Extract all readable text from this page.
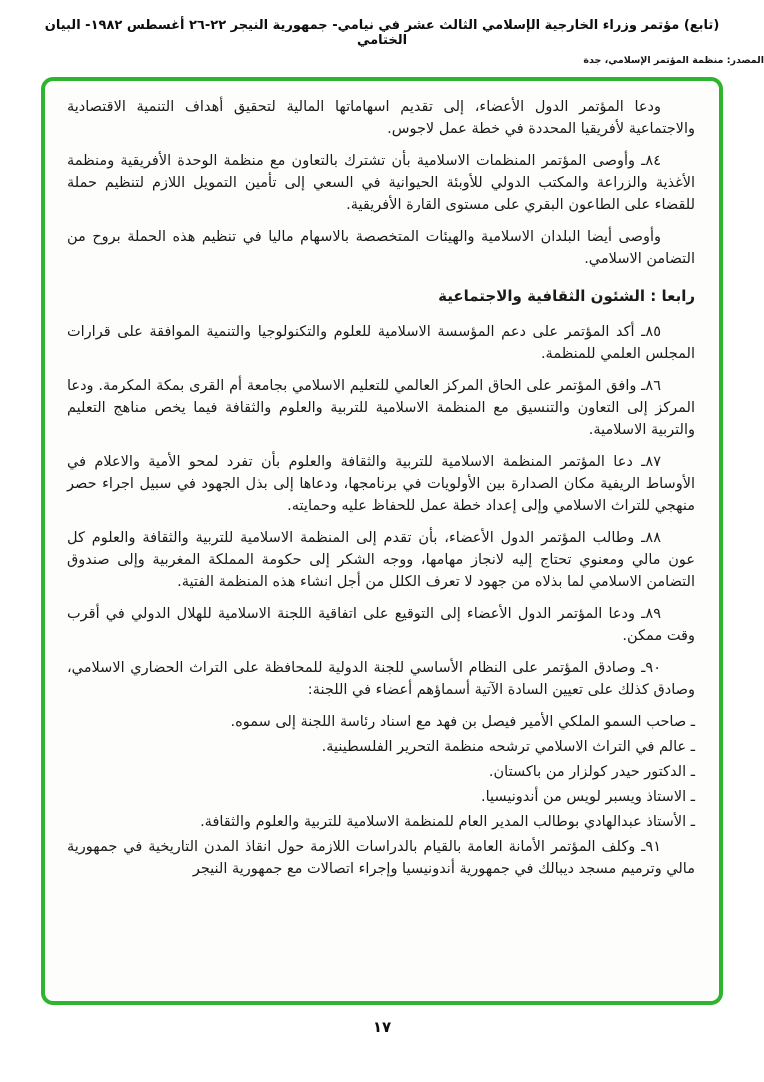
(تابع) مؤتمر وزراء الخارجية الإسلامي الثالث عشر في نيامي- جمهورية النيجر ٢٢-٢٦ أغسطس ١٩٨٢- البيان الختامي
المصدر: منظمة المؤتمر الإسلامي، جدة

ودعا المؤتمر الدول الأعضاء، إلى تقديم اسهاماتها المالية لتحقيق أهداف التنمية الاقتصادية والاجتماعية لأفريقيا المحددة في خطة عمل لاجوس.

٨٤ـ وأوصى المؤتمر المنظمات الاسلامية بأن تشترك بالتعاون مع منظمة الوحدة الأفريقية ومنظمة الأغذية والزراعة والمكتب الدولي للأوبئة الحيوانية في السعي إلى تأمين التمويل اللازم لتنظيم حملة للقضاء على الطاعون البقري على مستوى القارة الأفريقية.

وأوصى أيضا البلدان الاسلامية والهيئات المتخصصة بالاسهام ماليا في تنظيم هذه الحملة بروح من التضامن الاسلامي.

رابعا : الشئون الثقافية والاجتماعية

٨٥ـ أكد المؤتمر على دعم المؤسسة الاسلامية للعلوم والتكنولوجيا والتنمية الموافقة على قرارات المجلس العلمي للمنظمة.

٨٦ـ وافق المؤتمر على الحاق المركز العالمي للتعليم الاسلامي بجامعة أم القرى بمكة المكرمة. ودعا المركز إلى التعاون والتنسيق مع المنظمة الاسلامية للتربية والعلوم والثقافة فيما يخص مناهج التعليم والتربية الاسلامية.

٨٧ـ دعا المؤتمر المنظمة الاسلامية للتربية والثقافة والعلوم بأن تفرد لمحو الأمية والاعلام في الأوساط الريفية مكان الصدارة بين الأولويات في برنامجها، ودعاها إلى بذل الجهود في سبيل اجراء حصر منهجي للتراث الاسلامي وإلى إعداد خطة عمل للحفاظ عليه وحمايته.

٨٨ـ وطالب المؤتمر الدول الأعضاء، بأن تقدم إلى المنظمة الاسلامية للتربية والثقافة والعلوم كل عون مالي ومعنوي تحتاج إليه لانجاز مهامها، ووجه الشكر إلى حكومة المملكة المغربية وإلى صندوق التضامن الاسلامي لما بذلاه من جهود لا تعرف الكلل من أجل انشاء هذه المنظمة الفتية.

٨٩ـ ودعا المؤتمر الدول الأعضاء إلى التوقيع على اتفاقية اللجنة الاسلامية للهلال الدولي في أقرب وقت ممكن.

٩٠ـ وصادق المؤتمر على النظام الأساسي للجنة الدولية للمحافظة على التراث الحضاري الاسلامي، وصادق كذلك على تعيين السادة الآتية أسماؤهم أعضاء في اللجنة:

ـ صاحب السمو الملكي الأمير فيصل بن فهد مع اسناد رئاسة اللجنة إلى سموه.

ـ عالم في التراث الاسلامي ترشحه منظمة التحرير الفلسطينية.

ـ الدكتور حيدر كولزار من باكستان.

ـ الاستاذ ويسبر لويس من أندونيسيا.

ـ الأستاذ عبدالهادي بوطالب المدير العام للمنظمة الاسلامية للتربية والعلوم والثقافة.

٩١ـ وكلف المؤتمر الأمانة العامة بالقيام بالدراسات اللازمة حول انقاذ المدن التاريخية في جمهورية مالي وترميم مسجد ديبالك في جمهورية أندونيسيا وإجراء اتصالات مع جمهورية النيجر

١٧
